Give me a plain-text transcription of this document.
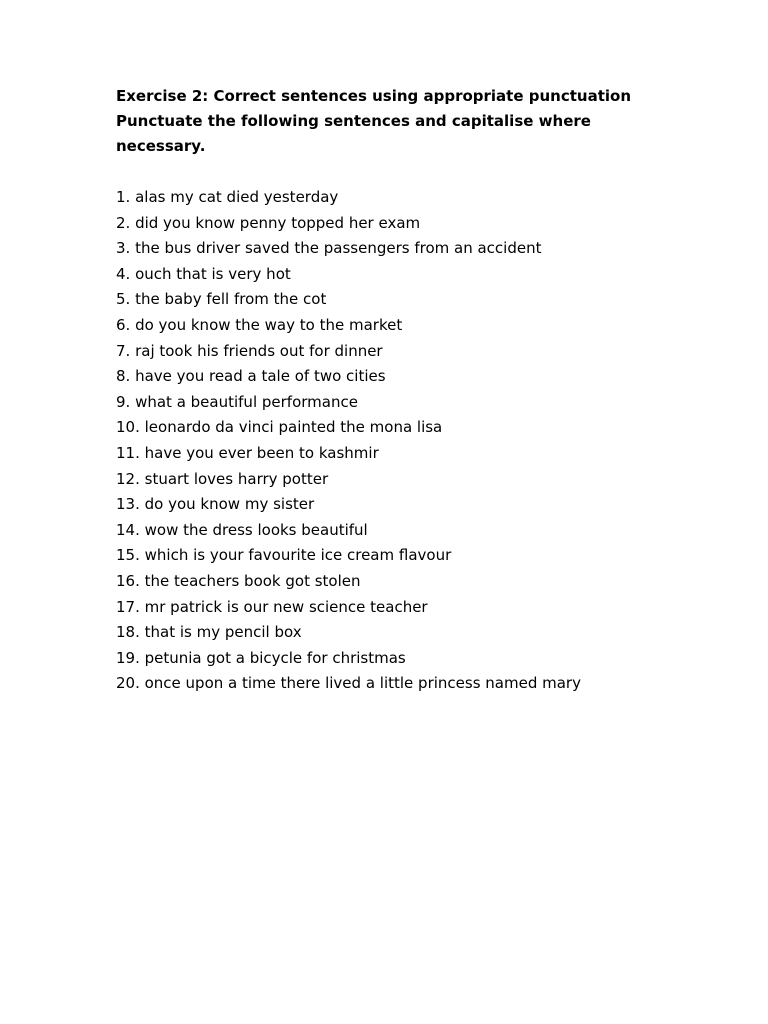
Exercise 2: Correct sentences using appropriate punctuation
Punctuate the following sentences and capitalise where
necessary.
1. alas my cat died yesterday
2. did you know penny topped her exam
3. the bus driver saved the passengers from an accident
4. ouch that is very hot
5. the baby fell from the cot
6. do you know the way to the market
7. raj took his friends out for dinner
8. have you read a tale of two cities
9. what a beautiful performance
10. leonardo da vinci painted the mona lisa
11. have you ever been to kashmir
12. stuart loves harry potter
13. do you know my sister
14. wow the dress looks beautiful
15. which is your favourite ice cream flavour
16. the teachers book got stolen
17. mr patrick is our new science teacher
18. that is my pencil box
19. petunia got a bicycle for christmas
20. once upon a time there lived a little princess named mary
